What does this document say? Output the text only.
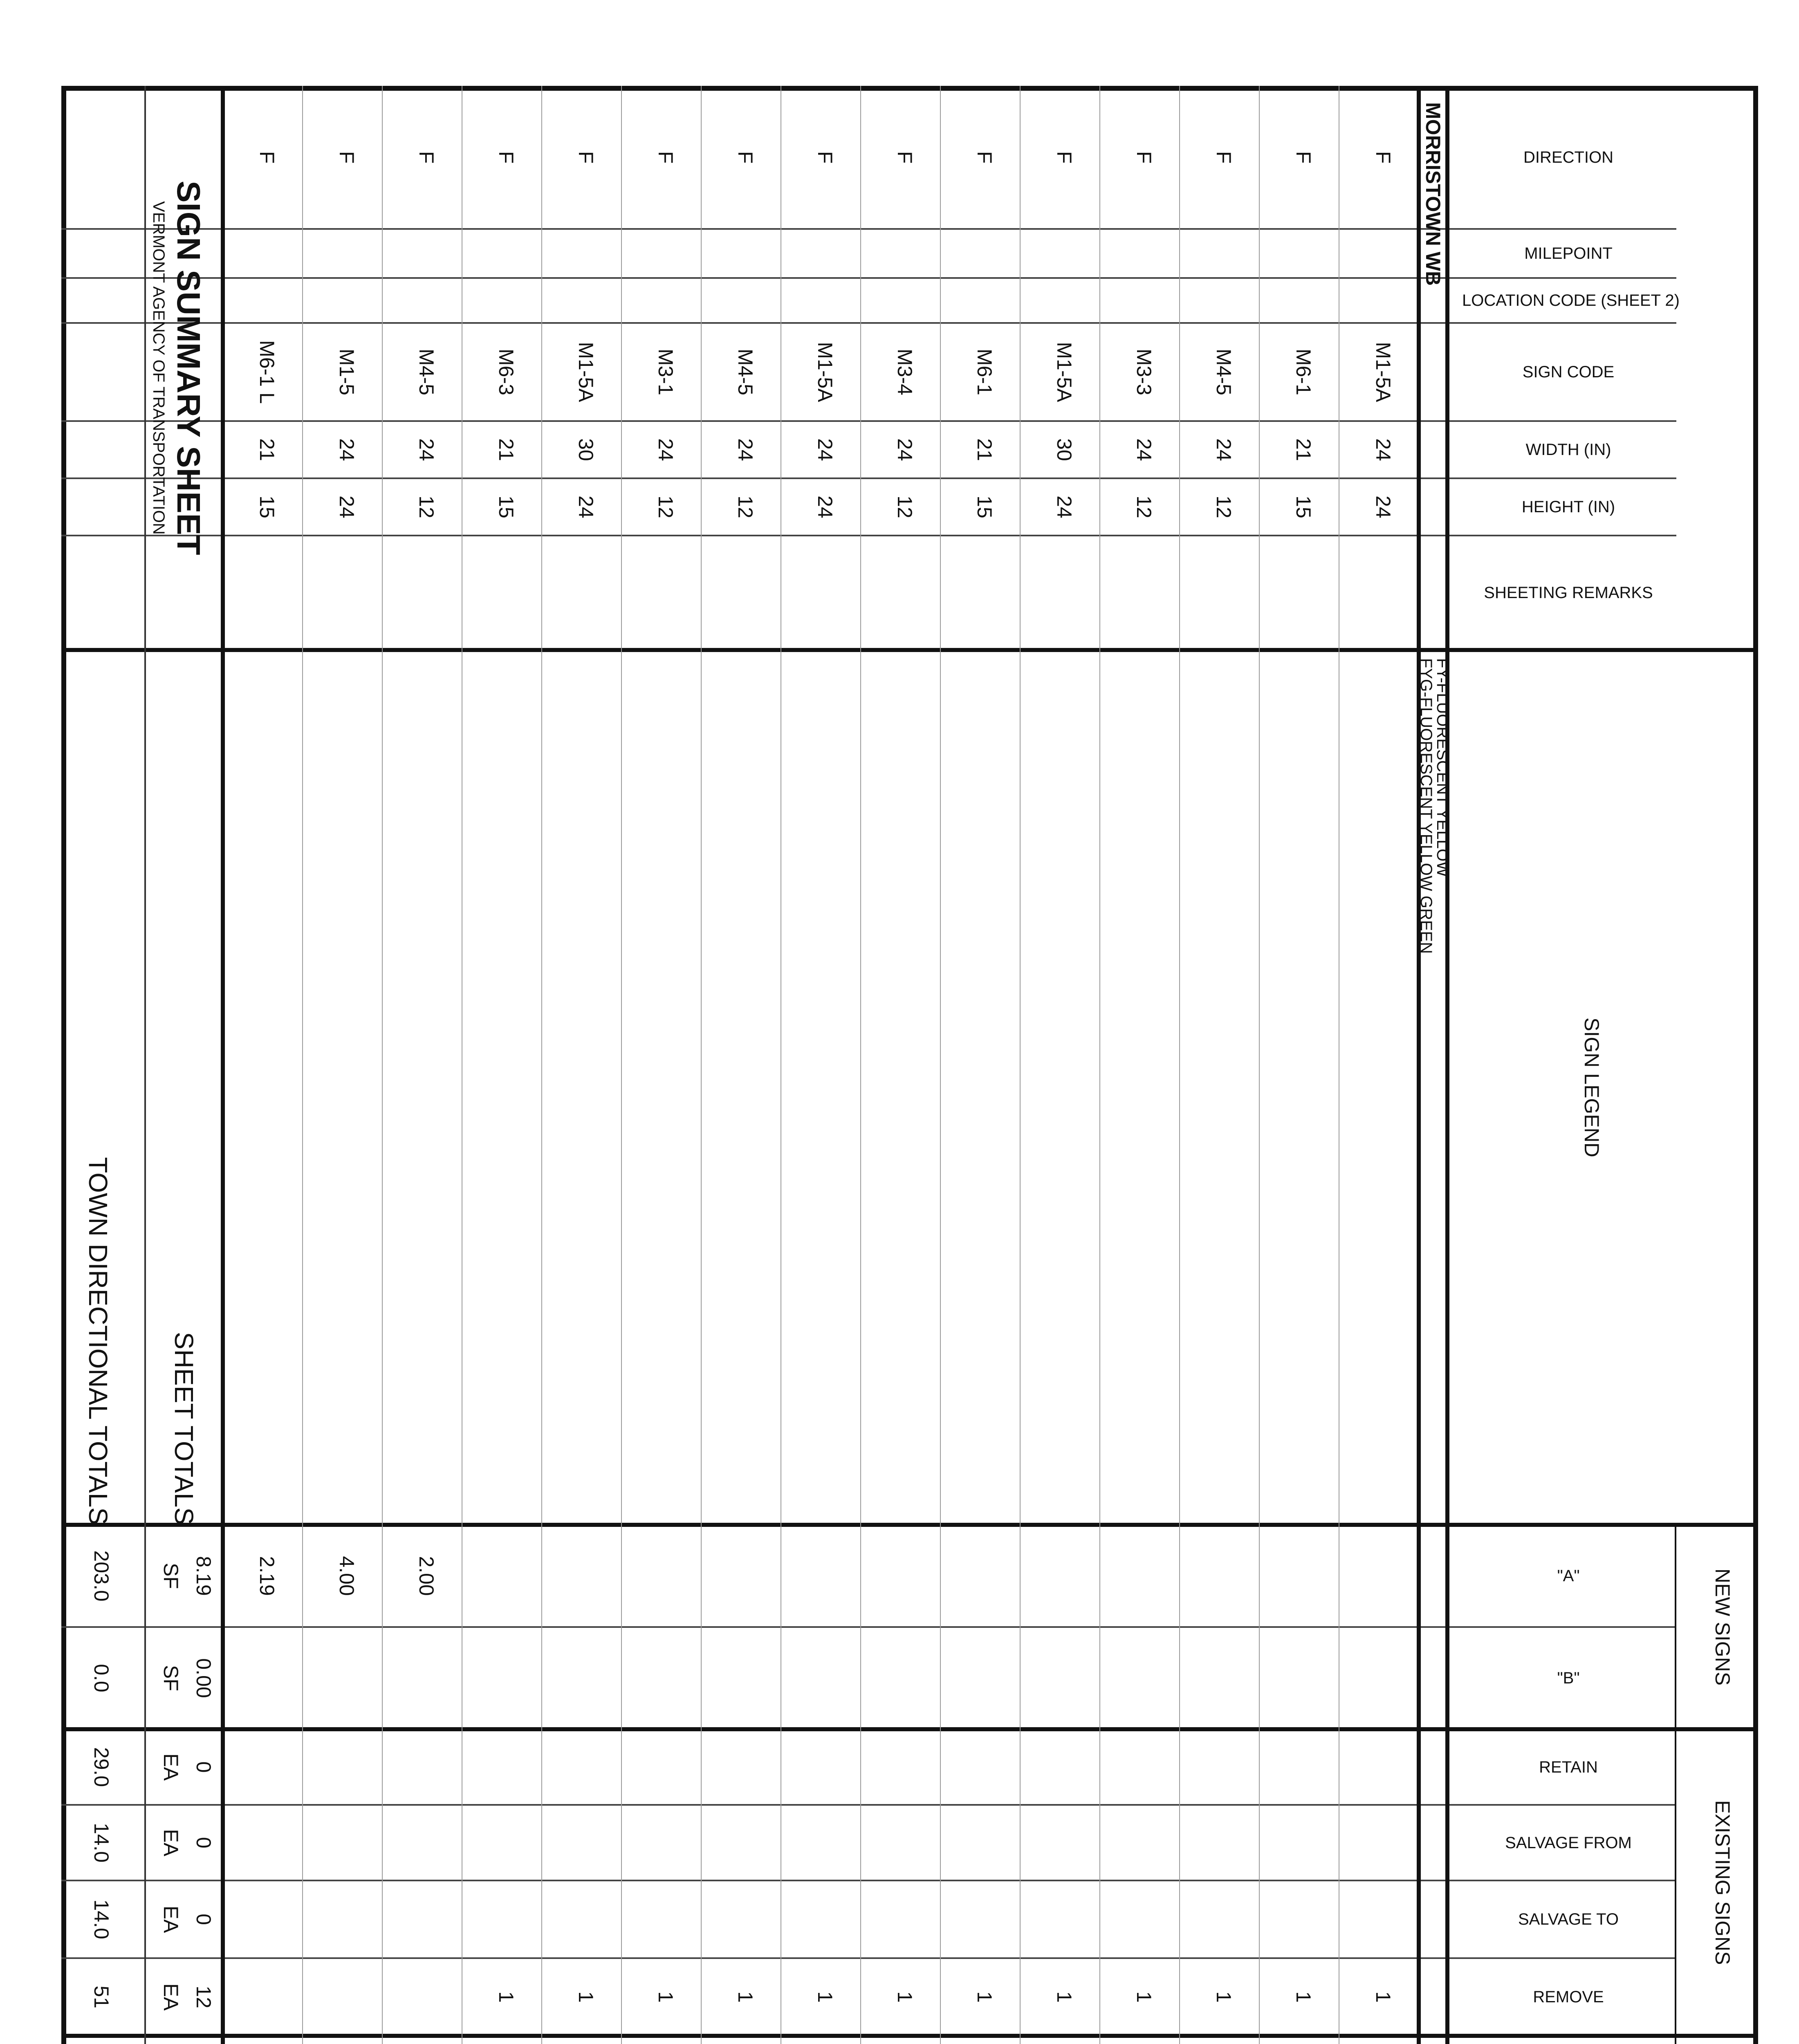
NEW SIGNS
EXISTING SIGNS
DIRECTION
MILEPOINT
LOCATION CODE (SHEET 2)
SIGN CODE
WIDTH (IN)
HEIGHT (IN)
SHEETING REMARKS
"A"
"B"
RETAIN
SALVAGE FROM
SALVAGE TO
REMOVE
SIGN LEGEND
MORRISTOWN WB
FY-FLUORESCENT YELLOW
FYG-FLUORESCENT YELLOW GREEN
F
M1-5A
24
24
1
F
M6-1
21
15
1
F
M4-5
24
12
1
F
M3-3
24
12
1
F
M1-5A
30
24
1
F
M6-1
21
15
1
F
M3-4
24
12
1
F
M1-5A
24
24
1
F
M4-5
24
12
1
F
M3-1
24
12
1
F
M1-5A
30
24
1
F
M6-3
21
15
1
F
M4-5
24
12
2.00
F
M1-5
24
24
4.00
F
M6-1 L
21
15
2.19
8.19
SF
203.0
0.00
SF
0.0
0
EA
29.0
0
EA
14.0
0
EA
14.0
12
EA
51
SIGN SUMMARY SHEET
VERMONT AGENCY OF TRANSPORTATION
SHEET TOTALS
TOWN DIRECTIONAL TOTALS
